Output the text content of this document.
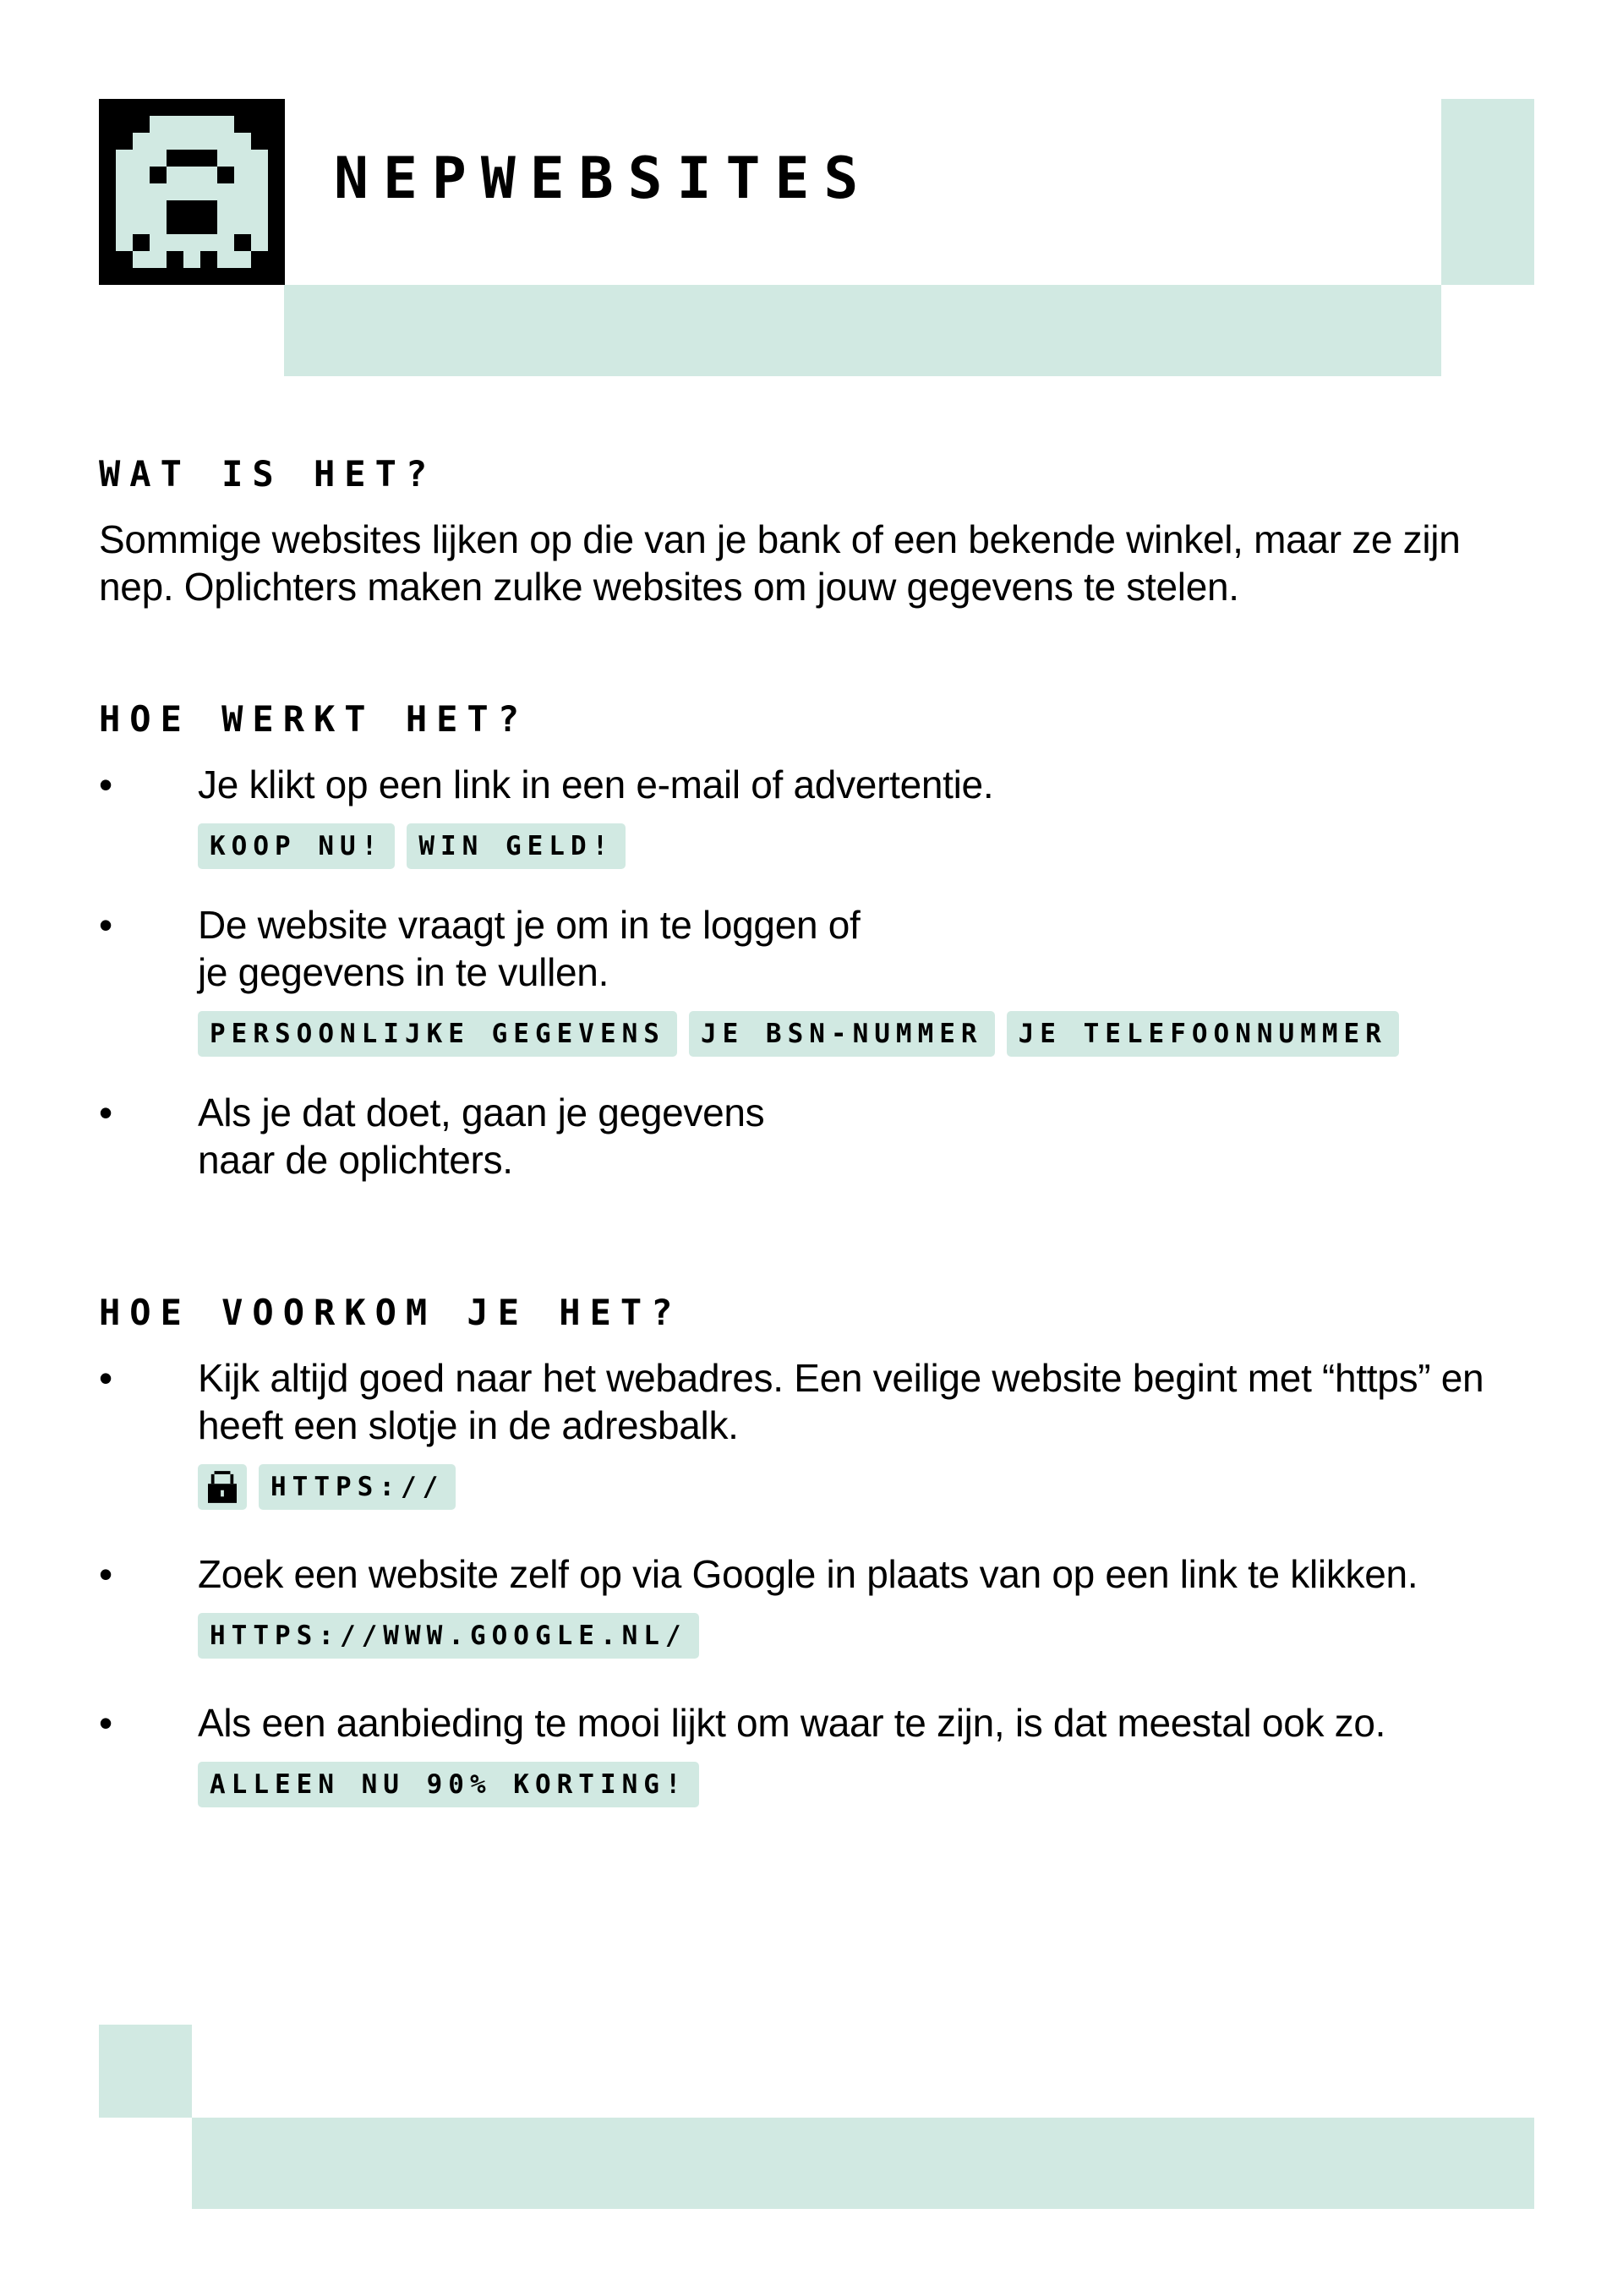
NEPWEBSITES
WAT IS HET?

Sommige websites lijken op die van je bank of een bekende winkel, maar ze zijn nep. Oplichters maken zulke websites om jouw gegevens te stelen.

HOE WERKT HET?
• Je klikt op een link in een e-mail of advertentie.
KOOP NU!	WIN GELD!
• De website vraagt je om in te loggen of je gegevens in te vullen.
PERSOONLIJKE GEGEVENS	JE BSN-NUMMER	JE TELEFOONNUMMER
• Als je dat doet, gaan je gegevens naar de oplichters.
HOE VOORKOM JE HET?
• Kijk altijd goed naar het webadres. Een veilige website begint met “https” en heeft een slotje in de adresbalk.
HTTPS://
• Zoek een website zelf op via Google in plaats van op een link te klikken.
HTTPS://WWW.GOOGLE.NL/
• Als een aanbieding te mooi lijkt om waar te zijn, is dat meestal ook zo.
ALLEEN NU 90% KORTING!
